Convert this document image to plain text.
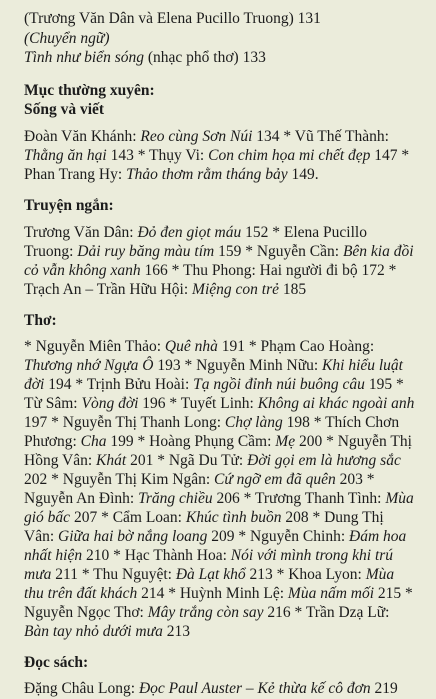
(Trương Văn Dân và Elena Pucillo Truong) 131

(Chuyển ngữ)

Tình như biển sóng (nhạc phổ thơ) 133

Mục thường xuyên:

Sống và viết

Đoàn Văn Khánh: Reo cùng Sơn Núi 134 * Vũ Thế Thành:

Thằng ăn hại 143 * Thụy Vi: Con chim họa mi chết đẹp 147 *

Phan Trang Hy: Thảo thơm rằm tháng bảy 149.

Truyện ngắn:

Trương Văn Dân: Đỏ đen giọt máu 152 * Elena Pucillo

Truong: Dải ruy băng màu tím 159 * Nguyễn Cần: Bên kia đồi

cỏ vẫn không xanh 166 * Thu Phong: Hai người đi bộ 172 *

Trạch An – Trần Hữu Hội: Miệng con trẻ 185

Thơ:

* Nguyễn Miên Thảo: Quê nhà 191 * Phạm Cao Hoàng:

Thương nhớ Ngựa Ô 193 * Nguyễn Minh Nữu: Khi hiểu luật

đời 194 * Trịnh Bửu Hoài: Tạ ngồi đỉnh núi buông câu 195 *

Từ Sâm: Vòng đời 196 * Tuyết Linh: Không ai khác ngoài anh

197 * Nguyễn Thị Thanh Long: Chợ làng 198 * Thích Chơn

Phương: Cha 199 * Hoàng Phụng Cầm: Mẹ 200 * Nguyễn Thị

Hồng Vân: Khát 201 * Ngã Du Tử: Đời gọi em là hương sắc

202 * Nguyễn Thị Kim Ngân: Cứ ngỡ em đã quên 203 *

Nguyễn An Đình: Trăng chiều 206 * Trương Thanh Tình: Mùa

gió bấc 207 * Cẩm Loan: Khúc tình buồn 208 * Dung Thị

Vân: Giữa hai bờ nắng loang 209 * Nguyễn Chinh: Đám hoa

nhất hiện 210 * Hạc Thành Hoa: Nói với mình trong khi trú

mưa 211 * Thu Nguyệt: Đà Lạt khổ 213 * Khoa Lyon: Mùa

thu trên đất khách 214 * Huỳnh Minh Lệ: Mùa nấm mối 215 *

Nguyễn Ngọc Thơ: Mây trắng còn say 216 * Trần Dzạ Lữ:

Bàn tay nhỏ dưới mưa 213

Đọc sách:

Đặng Châu Long: Đọc Paul Auster – Kẻ thừa kế cô đơn 219
